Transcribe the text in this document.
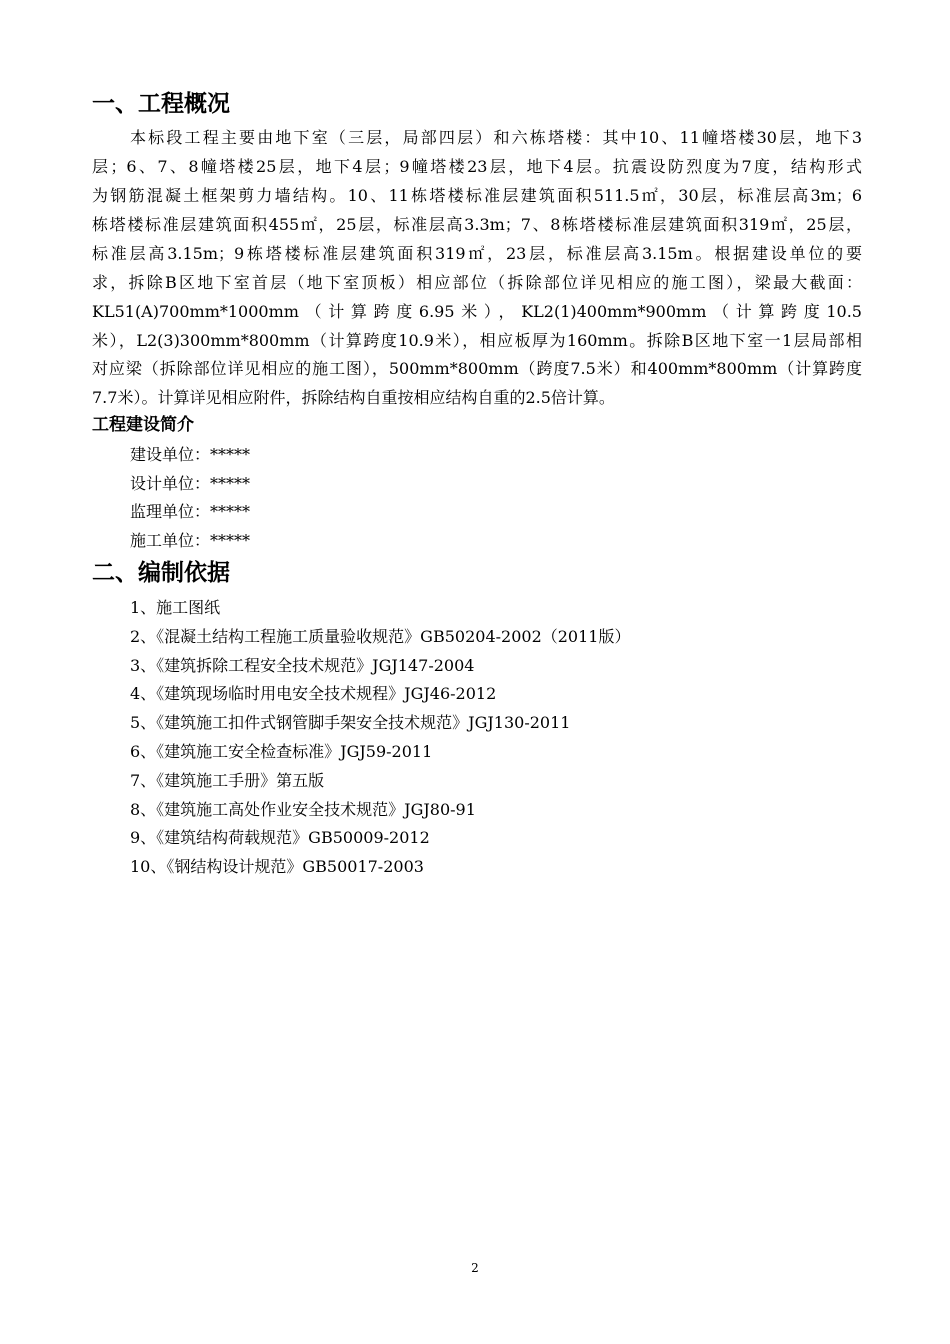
一、工程概况

本标段工程主要由地下室（三层，局部四层）和六栋塔楼：其中10、11幢塔楼30层，地下3

层；6、7、8幢塔楼25层，地下4层；9幢塔楼23层，地下4层。抗震设防烈度为7度，结构形式

为钢筋混凝土框架剪力墙结构。10、11栋塔楼标准层建筑面积511.5㎡，30层，标准层高3m；6

栋塔楼标准层建筑面积455㎡，25层，标准层高3.3m；7、8栋塔楼标准层建筑面积319㎡，25层，

标准层高3.15m；9栋塔楼标准层建筑面积319㎡，23层，标准层高3.15m。根据建设单位的要

求，拆除B区地下室首层（地下室顶板）相应部位（拆除部位详见相应的施工图），梁最大截面：

KL51(A)700mm*1000mm（计算跨度6.95米），KL2(1)400mm*900mm（计算跨度10.5

米），L2(3)300mm*800mm（计算跨度10.9米），相应板厚为160mm。拆除B区地下室一1层局部相

对应梁（拆除部位详见相应的施工图），500mm*800mm（跨度7.5米）和400mm*800mm（计算跨度

7.7米）。计算详见相应附件，拆除结构自重按相应结构自重的2.5倍计算。

工程建设简介

建设单位：*****

设计单位：*****

监理单位：*****

施工单位：*****

二、编制依据
1、施工图纸
2、《混凝土结构工程施工质量验收规范》GB50204-2002（2011版）
3、《建筑拆除工程安全技术规范》JGJ147-2004
4、《建筑现场临时用电安全技术规程》JGJ46-2012
5、《建筑施工扣件式钢管脚手架安全技术规范》JGJ130-2011
6、《建筑施工安全检查标准》JGJ59-2011
7、《建筑施工手册》第五版
8、《建筑施工高处作业安全技术规范》JGJ80-91
9、《建筑结构荷载规范》GB50009-2012
10、《钢结构设计规范》GB50017-2003
2
